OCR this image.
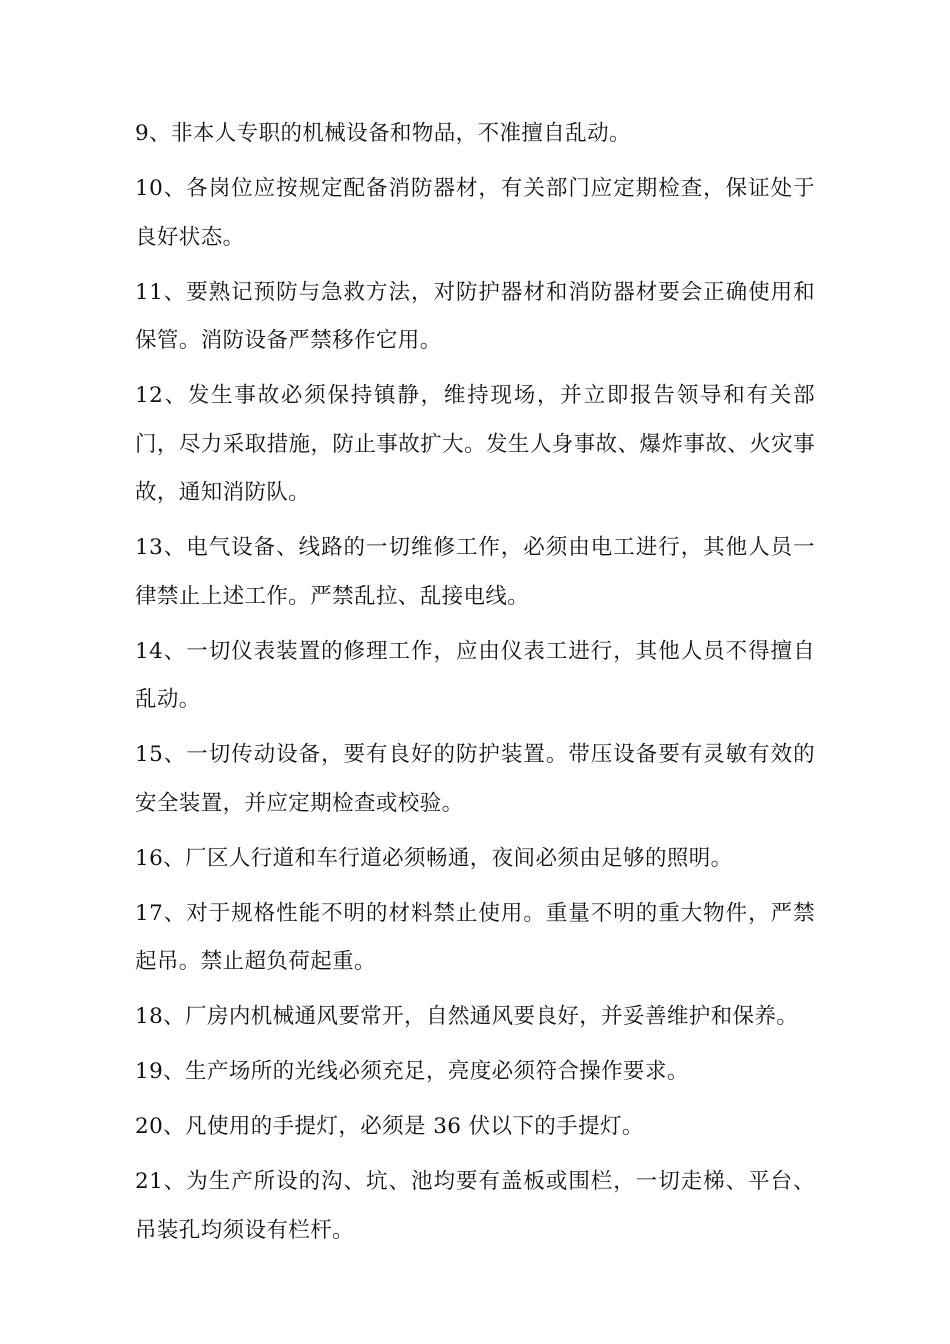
9、非本人专职的机械设备和物品，不准擅自乱动。

10、各岗位应按规定配备消防器材，有关部门应定期检查，保证处于良好状态。

11、要熟记预防与急救方法，对防护器材和消防器材要会正确使用和保管。消防设备严禁移作它用。

12、发生事故必须保持镇静，维持现场，并立即报告领导和有关部门，尽力采取措施，防止事故扩大。发生人身事故、爆炸事故、火灾事故，通知消防队。

13、电气设备、线路的一切维修工作，必须由电工进行，其他人员一律禁止上述工作。严禁乱拉、乱接电线。

14、一切仪表装置的修理工作，应由仪表工进行，其他人员不得擅自乱动。

15、一切传动设备，要有良好的防护装置。带压设备要有灵敏有效的安全装置，并应定期检查或校验。

16、厂区人行道和车行道必须畅通，夜间必须由足够的照明。

17、对于规格性能不明的材料禁止使用。重量不明的重大物件，严禁起吊。禁止超负荷起重。

18、厂房内机械通风要常开，自然通风要良好，并妥善维护和保养。

19、生产场所的光线必须充足，亮度必须符合操作要求。

20、凡使用的手提灯，必须是 36 伏以下的手提灯。

21、为生产所设的沟、坑、池均要有盖板或围栏，一切走梯、平台、吊装孔均须设有栏杆。
